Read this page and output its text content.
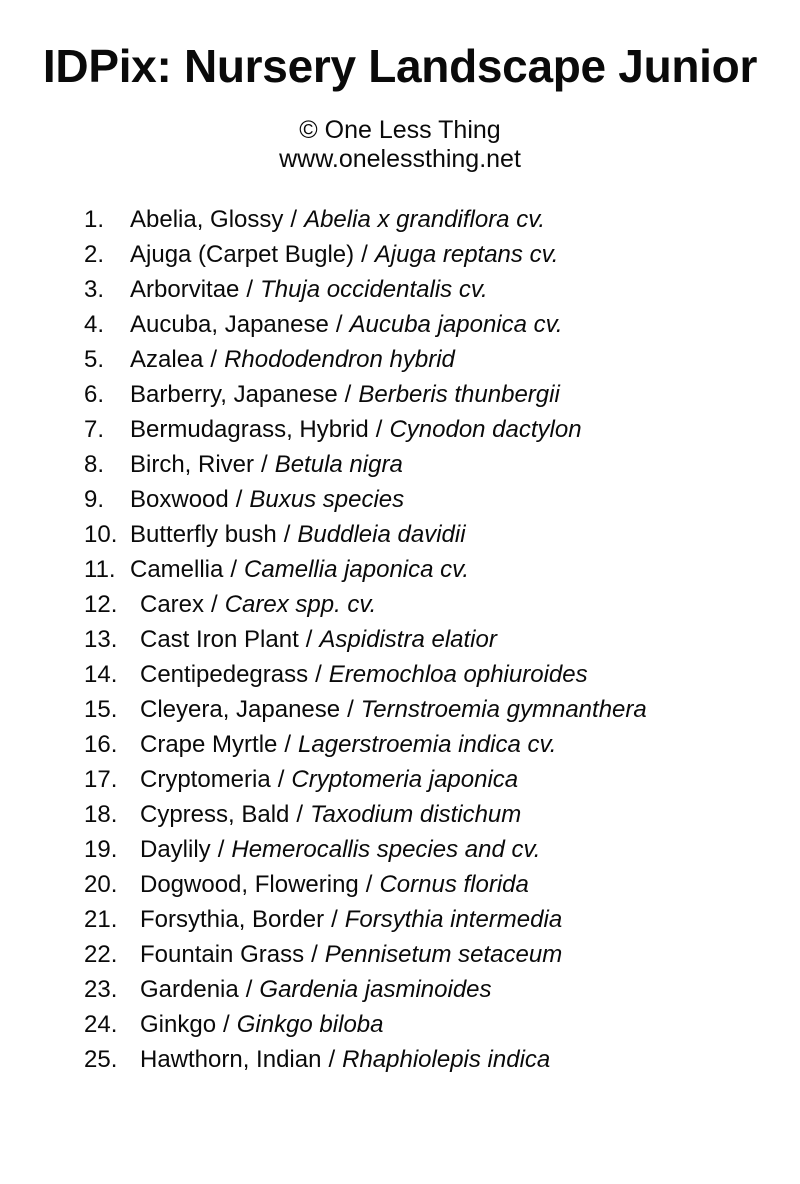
IDPix: Nursery Landscape Junior

© One Less Thing

www.onelessthing.net

1.	Abelia, Glossy / Abelia x grandiflora cv.
2.	Ajuga (Carpet Bugle) / Ajuga reptans cv.
3.	Arborvitae / Thuja occidentalis cv.
4.	Aucuba, Japanese / Aucuba japonica cv.
5.	Azalea / Rhododendron hybrid
6.	Barberry, Japanese / Berberis thunbergii
7.	Bermudagrass, Hybrid / Cynodon dactylon
8.	Birch, River / Betula nigra
9.	Boxwood / Buxus species
10. Butterfly bush / Buddleia davidii
11. Camellia / Camellia japonica cv.
12. Carex / Carex spp. cv.
13. Cast Iron Plant / Aspidistra elatior
14. Centipedegrass / Eremochloa ophiuroides
15. Cleyera, Japanese / Ternstroemia gymnanthera
16. Crape Myrtle / Lagerstroemia indica cv.
17. Cryptomeria / Cryptomeria japonica
18. Cypress, Bald / Taxodium distichum
19. Daylily / Hemerocallis species and cv.
20. Dogwood, Flowering / Cornus florida
21. Forsythia, Border / Forsythia intermedia
22. Fountain Grass / Pennisetum setaceum
23. Gardenia / Gardenia jasminoides
24. Ginkgo / Ginkgo biloba
25. Hawthorn, Indian / Rhaphiolepis indica
